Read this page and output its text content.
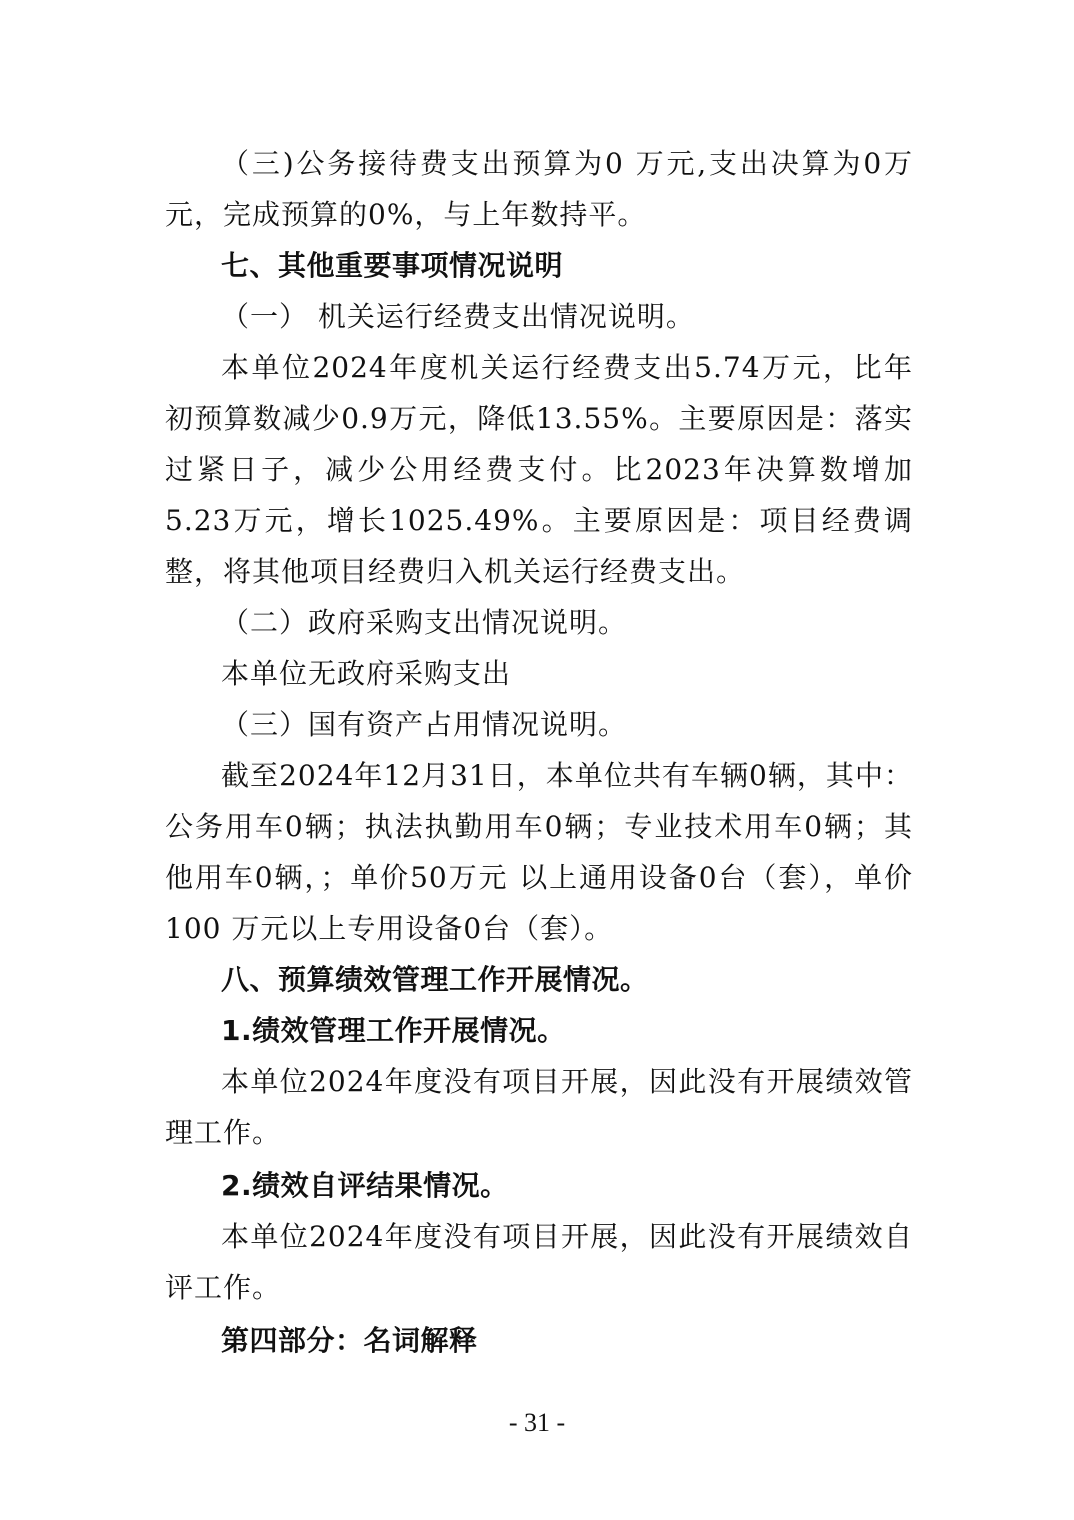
（三)公务接待费支出预算为0 万元,支出决算为0万元，完成预算的0%，与上年数持平。

七、其他重要事项情况说明

（一） 机关运行经费支出情况说明。

本单位2024年度机关运行经费支出5.74万元，比年初预算数减少0.9万元，降低13.55%。主要原因是：落实过紧日子，减少公用经费支付。比2023年决算数增加5.23万元，增长1025.49%。主要原因是：项目经费调整，将其他项目经费归入机关运行经费支出。

（二）政府采购支出情况说明。

本单位无政府采购支出

（三）国有资产占用情况说明。

截至2024年12月31日，本单位共有车辆0辆，其中：公务用车0辆；执法执勤用车0辆；专业技术用车0辆；其他用车0辆，；单价50万元 以上通用设备0台（套），单价100 万元以上专用设备0台（套）。

八、预算绩效管理工作开展情况。

1.绩效管理工作开展情况。

本单位2024年度没有项目开展，因此没有开展绩效管理工作。

2.绩效自评结果情况。

本单位2024年度没有项目开展，因此没有开展绩效自评工作。

第四部分：名词解释

- 31 -
